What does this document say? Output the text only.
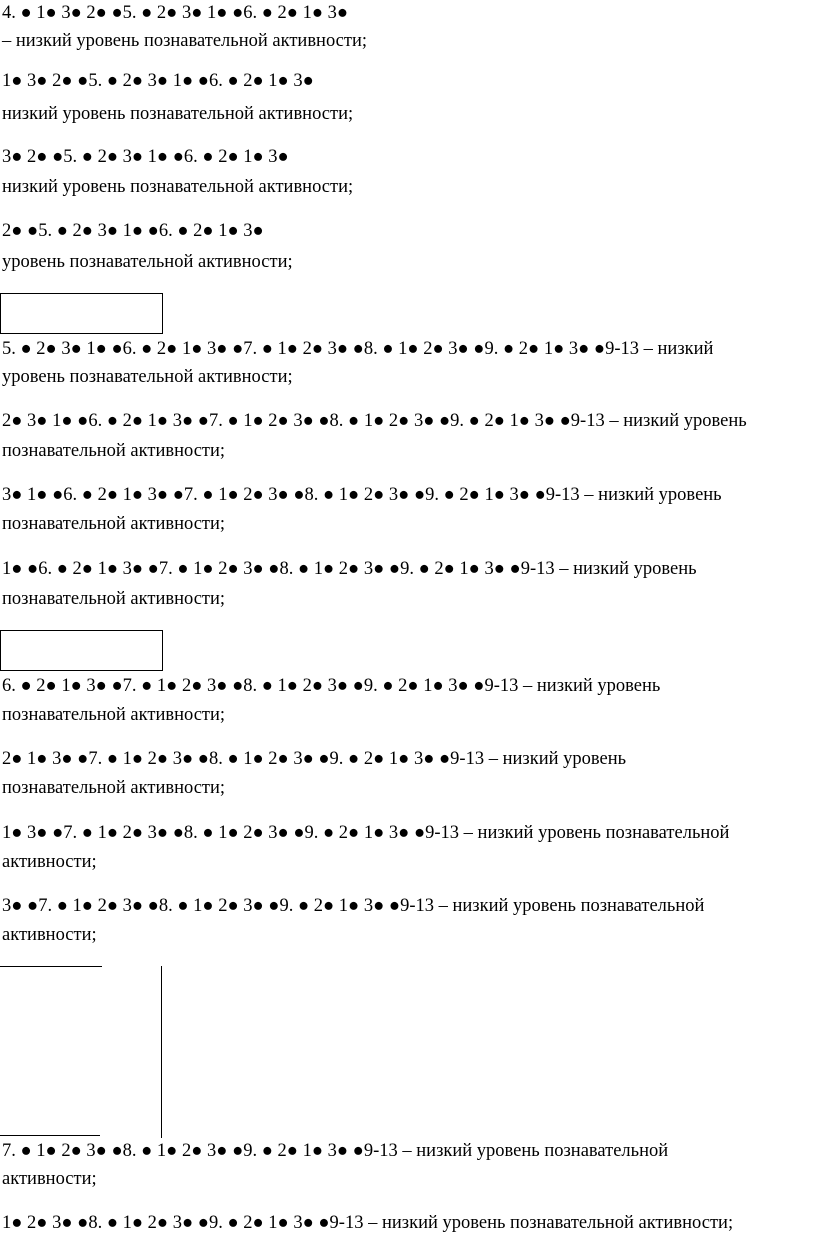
4. ● 1● 3● 2● ●5. ● 2● 3● 1● ●6. ● 2● 1● 3●
– низкий уровень познавательной активности;
1● 3● 2● ●5. ● 2● 3● 1● ●6. ● 2● 1● 3●
низкий уровень познавательной активности;
3● 2● ●5. ● 2● 3● 1● ●6. ● 2● 1● 3●
низкий уровень познавательной активности;
2● ●5. ● 2● 3● 1● ●6. ● 2● 1● 3●
уровень познавательной активности;
5. ● 2● 3● 1● ●6. ● 2● 1● 3● ●7. ● 1● 2● 3● ●8. ● 1● 2● 3● ●9. ● 2● 1● 3● ●9-13 – низкий
уровень познавательной активности;
2● 3● 1● ●6. ● 2● 1● 3● ●7. ● 1● 2● 3● ●8. ● 1● 2● 3● ●9. ● 2● 1● 3● ●9-13 – низкий уровень
познавательной активности;
3● 1● ●6. ● 2● 1● 3● ●7. ● 1● 2● 3● ●8. ● 1● 2● 3● ●9. ● 2● 1● 3● ●9-13 – низкий уровень
познавательной активности;
1● ●6. ● 2● 1● 3● ●7. ● 1● 2● 3● ●8. ● 1● 2● 3● ●9. ● 2● 1● 3● ●9-13 – низкий уровень
познавательной активности;
6. ● 2● 1● 3● ●7. ● 1● 2● 3● ●8. ● 1● 2● 3● ●9. ● 2● 1● 3● ●9-13 – низкий уровень
познавательной активности;
2● 1● 3● ●7. ● 1● 2● 3● ●8. ● 1● 2● 3● ●9. ● 2● 1● 3● ●9-13 – низкий уровень
познавательной активности;
1● 3● ●7. ● 1● 2● 3● ●8. ● 1● 2● 3● ●9. ● 2● 1● 3● ●9-13 – низкий уровень познавательной
активности;
3● ●7. ● 1● 2● 3● ●8. ● 1● 2● 3● ●9. ● 2● 1● 3● ●9-13 – низкий уровень познавательной
активности;
7. ● 1● 2● 3● ●8. ● 1● 2● 3● ●9. ● 2● 1● 3● ●9-13 – низкий уровень познавательной
активности;
1● 2● 3● ●8. ● 1● 2● 3● ●9. ● 2● 1● 3● ●9-13 – низкий уровень познавательной активности;
